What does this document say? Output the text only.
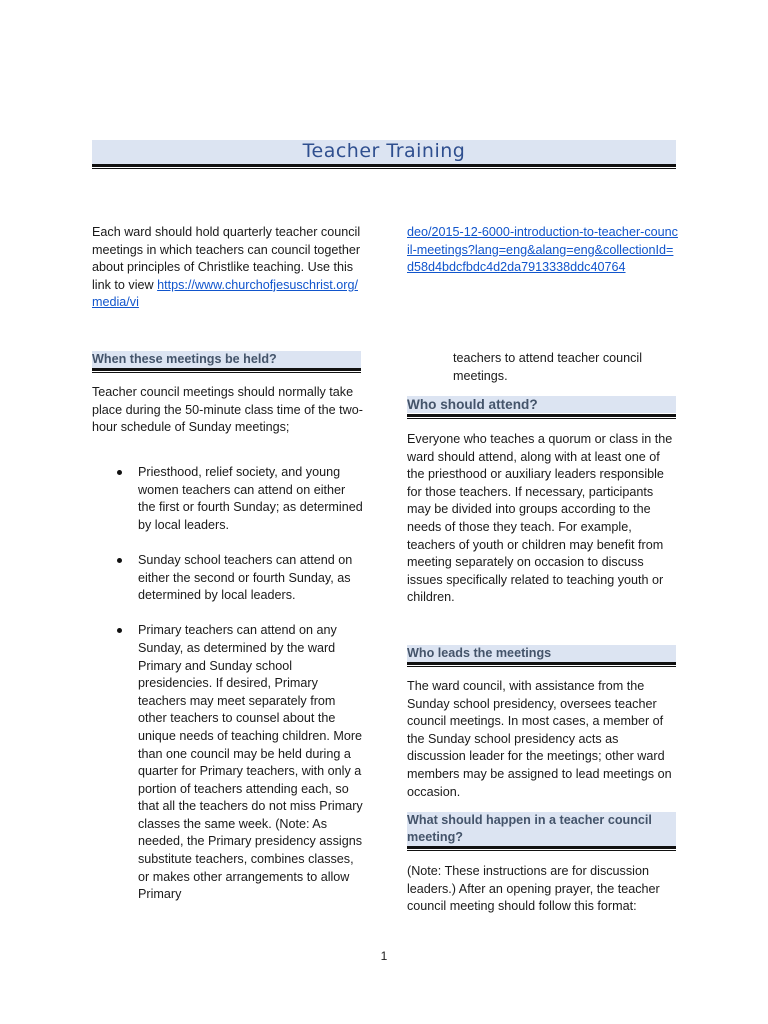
Teacher Training

Each ward should hold quarterly teacher council meetings in which teachers can council together about principles of Christlike teaching. Use this link to view https://www.churchofjesuschrist.org/media/vi

When these meetings be held?

Teacher council meetings should normally take place during the 50-minute class time of the two-hour schedule of Sunday meetings;

Priesthood, relief society, and young women teachers can attend on either the first or fourth Sunday; as determined by local leaders.
Sunday school teachers can attend on either the second or fourth Sunday, as determined by local leaders.
Primary teachers can attend on any Sunday, as determined by the ward Primary and Sunday school presidencies. If desired, Primary teachers may meet separately from other teachers to counsel about the unique needs of teaching children. More than one council may be held during a quarter for Primary teachers, with only a portion of teachers attending each, so that all the teachers do not miss Primary classes the same week. (Note: As needed, the Primary presidency assigns substitute teachers, combines classes, or makes other arrangements to allow Primary

deo/2015-12-6000-introduction-to-teacher-council-meetings?lang=eng&alang=eng&collectionId=d58d4bdcfbdc4d2da7913338ddc40764

teachers to attend teacher council meetings.

Who should attend?

Everyone who teaches a quorum or class in the ward should attend, along with at least one of the priesthood or auxiliary leaders responsible for those teachers. If necessary, participants may be divided into groups according to the needs of those they teach. For example, teachers of youth or children may benefit from meeting separately on occasion to discuss issues specifically related to teaching youth or children.

Who leads the meetings

The ward council, with assistance from the Sunday school presidency, oversees teacher council meetings. In most cases, a member of the Sunday school presidency acts as discussion leader for the meetings; other ward members may be assigned to lead meetings on occasion.

What should happen in a teacher council meeting?

(Note: These instructions are for discussion leaders.) After an opening prayer, the teacher council meeting should follow this format:

1
